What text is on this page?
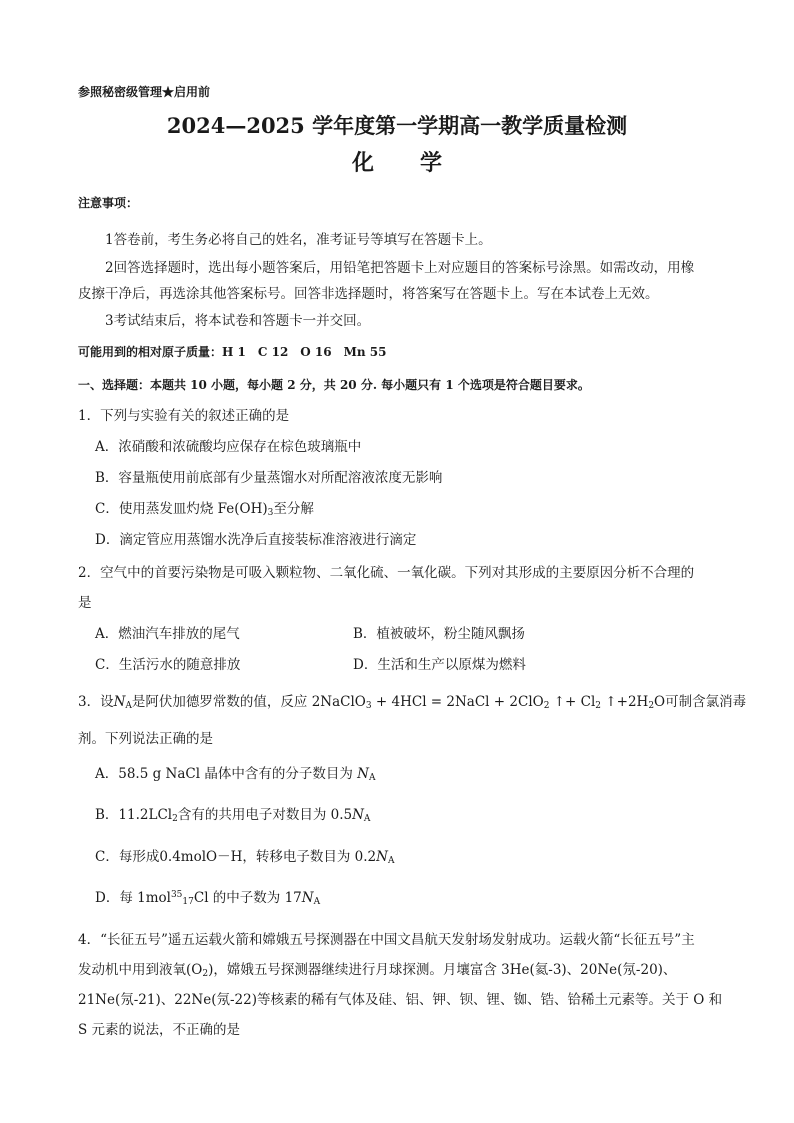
参照秘密级管理★启用前
2024—2025 学年度第一学期高一教学质量检测
化 学
注意事项：
1答卷前，考生务必将自己的姓名，准考证号等填写在答题卡上。
2回答选择题时，选出每小题答案后，用铅笔把答题卡上对应题目的答案标号涂黑。如需改动，用橡
皮擦干净后，再选涂其他答案标号。回答非选择题时，将答案写在答题卡上。写在本试卷上无效。
3考试结束后，将本试卷和答题卡一并交回。
可能用到的相对原子质量：H 1　C 12　O 16　Mn 55
一、选择题：本题共 10 小题，每小题 2 分，共 20 分. 每小题只有 1 个选项是符合题目要求。
1．下列与实验有关的叙述正确的是
A．浓硝酸和浓硫酸均应保存在棕色玻璃瓶中
B．容量瓶使用前底部有少量蒸馏水对所配溶液浓度无影响
C．使用蒸发皿灼烧 $Fe(OH)_3$至分解
D．滴定管应用蒸馏水洗净后直接装标准溶液进行滴定
2．空气中的首要污染物是可吸入颗粒物、二氧化硫、一氧化碳。下列对其形成的主要原因分析不合理的
是
A．燃油汽车排放的尾气	B．植被破坏，粉尘随风飘扬
C．生活污水的随意排放	D．生活和生产以原煤为燃料
3．设$N_A$是阿伏加德罗常数的值，反应 2NaClO$_3$ + 4HCl = 2NaCl + 2ClO$_2$ ↑+ $Cl_2$ $↑+2H_2O$可制含氯消毒
剂。下列说法正确的是
A．58.5 g NaCl 晶体中含有的分子数目为 $N_A$
B．11.2LCl$_2$含有的共用电子对数目为 $0.5N_A$
C．每形成0.4molO－H，转移电子数目为 $0.2N_A$
D．每 1mol$^{35}_{17}$Cl 的中子数为 $17N_A$
4．“长征五号”遥五运载火箭和嫦娥五号探测器在中国文昌航天发射场发射成功。运载火箭“长征五号”主
发动机中用到液氧$(O_2)$，嫦娥五号探测器继续进行月球探测。月壤富含 3He(氦-3)、20Ne(氖-20)、
21Ne(氖-21)、22Ne(氖-22)等核素的稀有气体及硅、铝、钾、钡、锂、铷、锆、铪稀土元素等。关于 O 和
S 元素的说法，不正确的是
